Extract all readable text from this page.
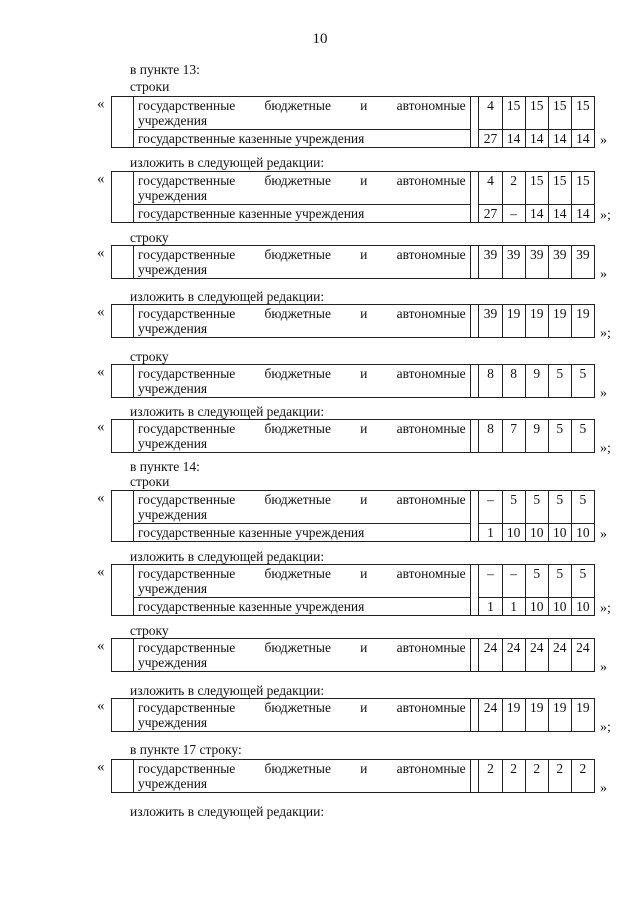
10
в пункте 13:
строки
«

	государственные бюджетные и автономные
учреждения		4	15	15	15	15
	государственные казенные учреждения		27	14	14	14	14 »
изложить в следующей редакции:
«

	государственные бюджетные и автономные
учреждения		4	2	15	15	15
	государственные казенные учреждения		27	–	14	14	14 »;
строку
«
	государственные бюджетные и автономные
учреждения
		39	39	39	39	39
»
изложить в следующей редакции:
«
	государственные бюджетные и автономные
учреждения
		39	19	19	19	19
»;
строку
«
	государственные бюджетные и автономные
учреждения
		8	8	9	5	5
»
изложить в следующей редакции:
«
	государственные бюджетные и автономные
учреждения
		8	7	9	5	5
»;
в пункте 14:
строки
«

	государственные бюджетные и автономные
учреждения		–	5	5	5	5
	государственные казенные учреждения		1	10	10	10	10 »
изложить в следующей редакции:
«

	государственные бюджетные и автономные
учреждения		–	–	5	5	5
	государственные казенные учреждения		1	1	10	10	10 »;
строку
«
	государственные бюджетные и автономные
учреждения
		24	24	24	24	24
»
изложить в следующей редакции:
«
	государственные бюджетные и автономные
учреждения
		24	19	19	19	19
»;
в пункте 17 строку:
«
	государственные бюджетные и автономные
учреждения
		2	2	2	2	2
»
изложить в следующей редакции:
